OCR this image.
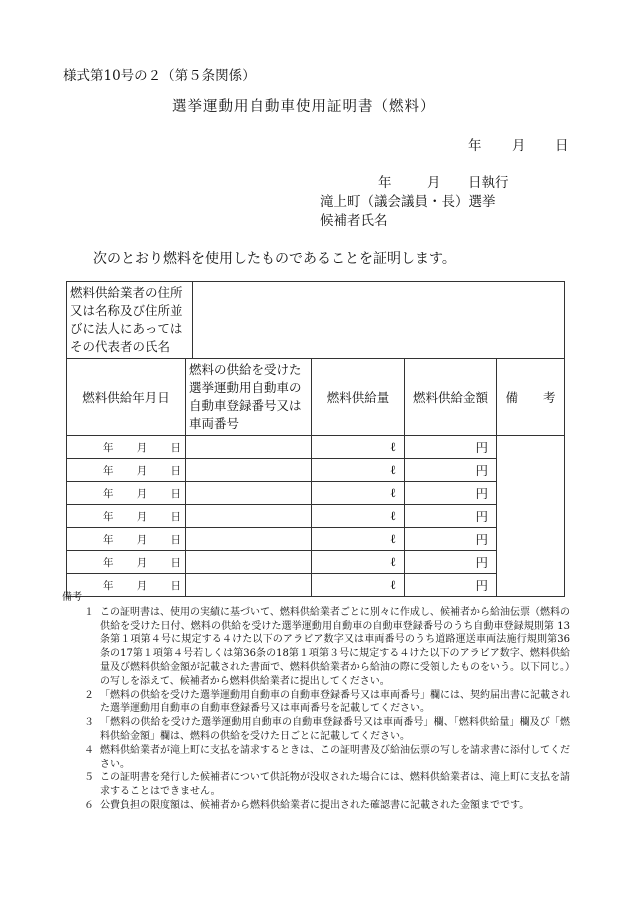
様式第10号の２（第５条関係）
選挙運動用自動車使用証明書（燃料）
年 月 日
年	月 日執行
滝上町（議会議員・長）選挙
候補者氏名
次のとおり燃料を使用したものであることを証明します。
燃料供給業者の住所又は名称及び住所並びに法人にあってはその代表者の氏名					
燃料供給年月日	燃料の供給を受けた選挙運動用自動車の自動車登録番号又は車両番号		燃料供給量	燃料供給金額	備　　考

年 月 日			ℓ	円	

年 月 日			ℓ	円	

年 月 日			ℓ	円	

年 月 日			ℓ	円	

年 月 日			ℓ	円	

年 月 日			ℓ	円	

年 月 日			ℓ	円	
備考
１ この証明書は、使用の実績に基づいて、燃料供給業者ごとに別々に作成し、候補者から給油伝票（燃料の供給を受けた日付、燃料の供給を受けた選挙運動用自動車の自動車登録番号のうち自動車登録規則第 13 条第１項第４号に規定する４けた以下のアラビア数字又は車両番号のうち道路運送車両法施行規則第36条の17第１項第４号若しくは第36条の18第１項第３号に規定する４けた以下のアラビア数字、燃料供給量及び燃料供給金額が記載された書面で、燃料供給業者から給油の際に受領したものをいう。以下同じ。）の写しを添えて、候補者から燃料供給業者に提出してください。
２ 「燃料の供給を受けた選挙運動用自動車の自動車登録番号又は車両番号」欄には、契約届出書に記載された選挙運動用自動車の自動車登録番号又は車両番号を記載してください。
３ 「燃料の供給を受けた選挙運動用自動車の自動車登録番号又は車両番号」欄、「燃料供給量」欄及び「燃料供給金額」欄は、燃料の供給を受けた日ごとに記載してください。
４ 燃料供給業者が滝上町に支払を請求するときは、この証明書及び給油伝票の写しを請求書に添付してください。
５ この証明書を発行した候補者について供託物が没収された場合には、燃料供給業者は、滝上町に支払を請求することはできません。
６ 公費負担の限度額は、候補者から燃料供給業者に提出された確認書に記載された金額までです。
